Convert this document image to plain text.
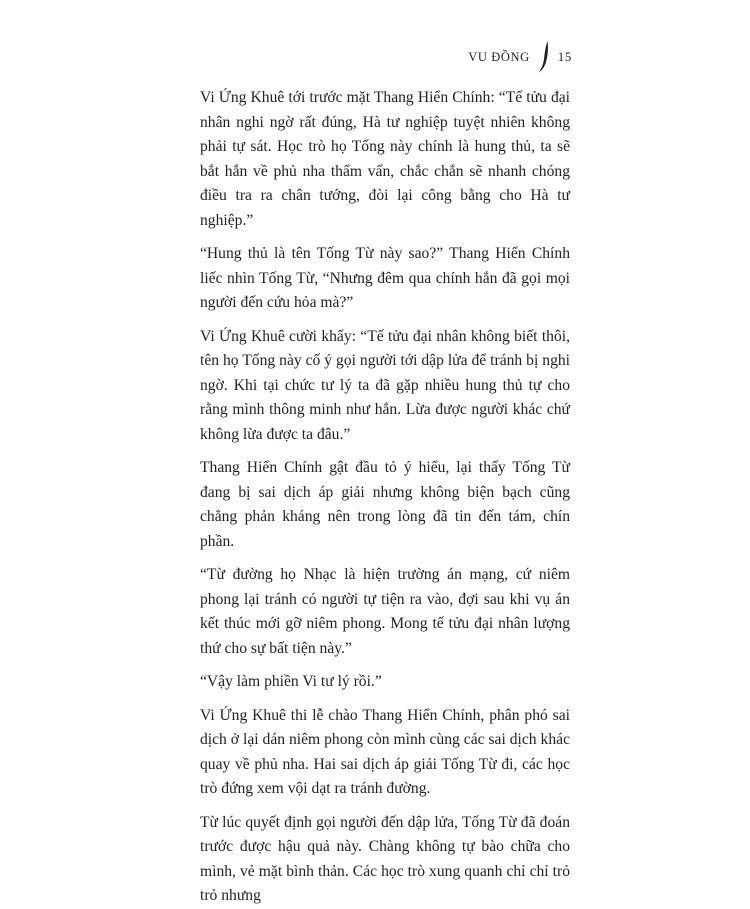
VU ĐỒNG 15

Vi Ứng Khuê tới trước mặt Thang Hiển Chính: “Tế tửu đại nhân nghi ngờ rất đúng, Hà tư nghiệp tuyệt nhiên không phải tự sát. Học trò họ Tống này chính là hung thủ, ta sẽ bắt hắn về phủ nha thẩm vấn, chắc chắn sẽ nhanh chóng điều tra ra chân tướng, đòi lại công bằng cho Hà tư nghiệp.”

“Hung thủ là tên Tống Từ này sao?” Thang Hiển Chính liếc nhìn Tống Từ, “Nhưng đêm qua chính hắn đã gọi mọi người đến cứu hỏa mà?”

Vi Ứng Khuê cười khẩy: “Tế tửu đại nhân không biết thôi, tên họ Tống này cố ý gọi người tới dập lửa để tránh bị nghi ngờ. Khi tại chức tư lý ta đã gặp nhiều hung thủ tự cho rằng mình thông minh như hắn. Lừa được người khác chứ không lừa được ta đâu.”

Thang Hiển Chính gật đầu tỏ ý hiểu, lại thấy Tống Từ đang bị sai dịch áp giải nhưng không biện bạch cũng chẳng phản kháng nên trong lòng đã tin đến tám, chín phần.

“Từ đường họ Nhạc là hiện trường án mạng, cứ niêm phong lại tránh có người tự tiện ra vào, đợi sau khi vụ án kết thúc mới gỡ niêm phong. Mong tế tửu đại nhân lượng thứ cho sự bất tiện này.”

“Vậy làm phiền Vi tư lý rồi.”

Vi Ứng Khuê thi lễ chào Thang Hiển Chính, phân phó sai dịch ở lại dán niêm phong còn mình cùng các sai dịch khác quay về phủ nha. Hai sai dịch áp giải Tống Từ đi, các học trò đứng xem vội dạt ra tránh đường.

Từ lúc quyết định gọi người đến dập lửa, Tống Từ đã đoán trước được hậu quả này. Chàng không tự bào chữa cho mình, vẻ mặt bình thản. Các học trò xung quanh chỉ chỉ trỏ trỏ nhưng
